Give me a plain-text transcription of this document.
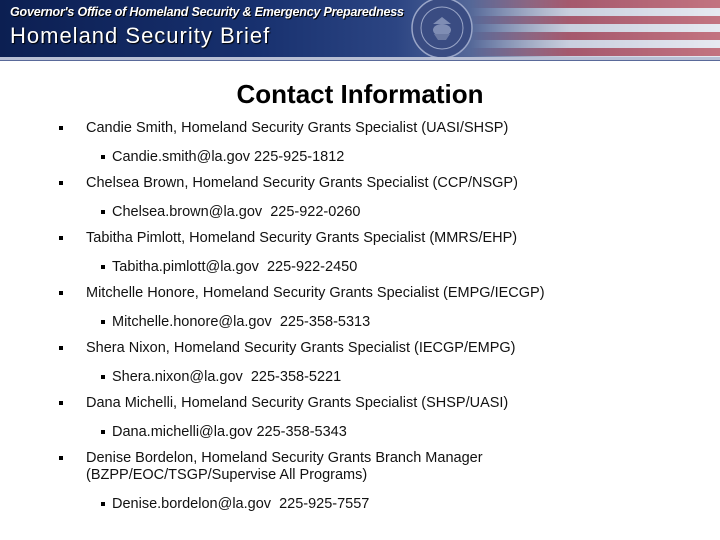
Governor's Office of Homeland Security & Emergency Preparedness
Homeland Security Brief
Contact Information
Candie Smith, Homeland Security Grants Specialist (UASI/SHSP)
Candie.smith@la.gov 225-925-1812
Chelsea Brown, Homeland Security Grants Specialist (CCP/NSGP)
Chelsea.brown@la.gov  225-922-0260
Tabitha Pimlott, Homeland Security Grants Specialist (MMRS/EHP)
Tabitha.pimlott@la.gov  225-922-2450
Mitchelle Honore, Homeland Security Grants Specialist (EMPG/IECGP)
Mitchelle.honore@la.gov  225-358-5313
Shera Nixon, Homeland Security Grants Specialist (IECGP/EMPG)
Shera.nixon@la.gov  225-358-5221
Dana Michelli, Homeland Security Grants Specialist (SHSP/UASI)
Dana.michelli@la.gov 225-358-5343
Denise Bordelon, Homeland Security Grants Branch Manager (BZPP/EOC/TSGP/Supervise All Programs)
Denise.bordelon@la.gov  225-925-7557
